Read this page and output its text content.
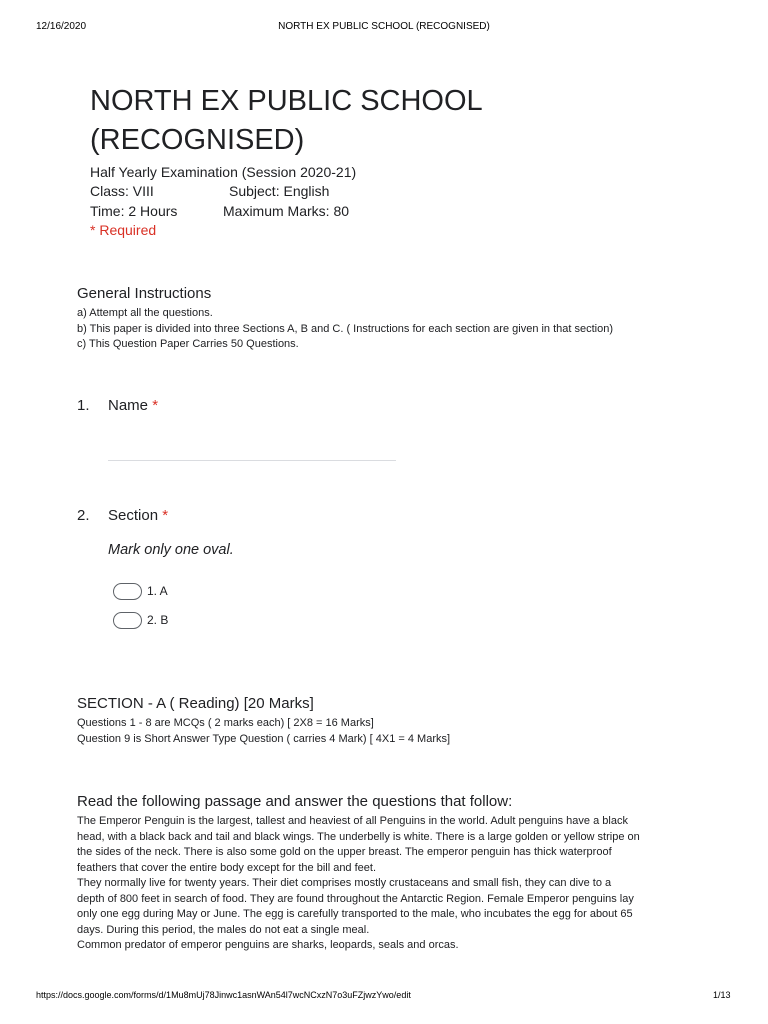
12/16/2020	NORTH EX PUBLIC SCHOOL (RECOGNISED)
NORTH EX PUBLIC SCHOOL
(RECOGNISED)
Half Yearly Examination (Session 2020-21)
Class: VIII	Subject: English
Time: 2 Hours	Maximum Marks: 80
* Required
General Instructions
a) Attempt all the questions.
b) This paper is divided into three Sections A, B and C. ( Instructions for each section are given in that section)
c) This Question Paper Carries 50 Questions.
1. Name *
2. Section *
Mark only one oval.
1. A
2. B
SECTION - A ( Reading) [20 Marks]
Questions 1 - 8 are MCQs ( 2 marks each) [ 2X8 = 16 Marks]
Question 9 is Short Answer Type Question ( carries 4 Mark) [ 4X1 = 4 Marks]
Read the following passage and answer the questions that follow:

The Emperor Penguin is the largest, tallest and heaviest of all Penguins in the world. Adult penguins have a black

head, with a black back and tail and black wings. The underbelly is white. There is a large golden or yellow stripe on

the sides of the neck. There is also some gold on the upper breast. The emperor penguin has thick waterproof

feathers that cover the entire body except for the bill and feet.

They normally live for twenty years. Their diet comprises mostly crustaceans and small fish, they can dive to a

depth of 800 feet in search of food. They are found throughout the Antarctic Region. Female Emperor penguins lay

only one egg during May or June. The egg is carefully transported to the male, who incubates the egg for about 65

days. During this period, the males do not eat a single meal.

Common predator of emperor penguins are sharks, leopards, seals and orcas.

https://docs.google.com/forms/d/1Mu8mUj78Jinwc1asnWAn54l7wcNCxzN7o3uFZjwzYwo/edit	1/13
